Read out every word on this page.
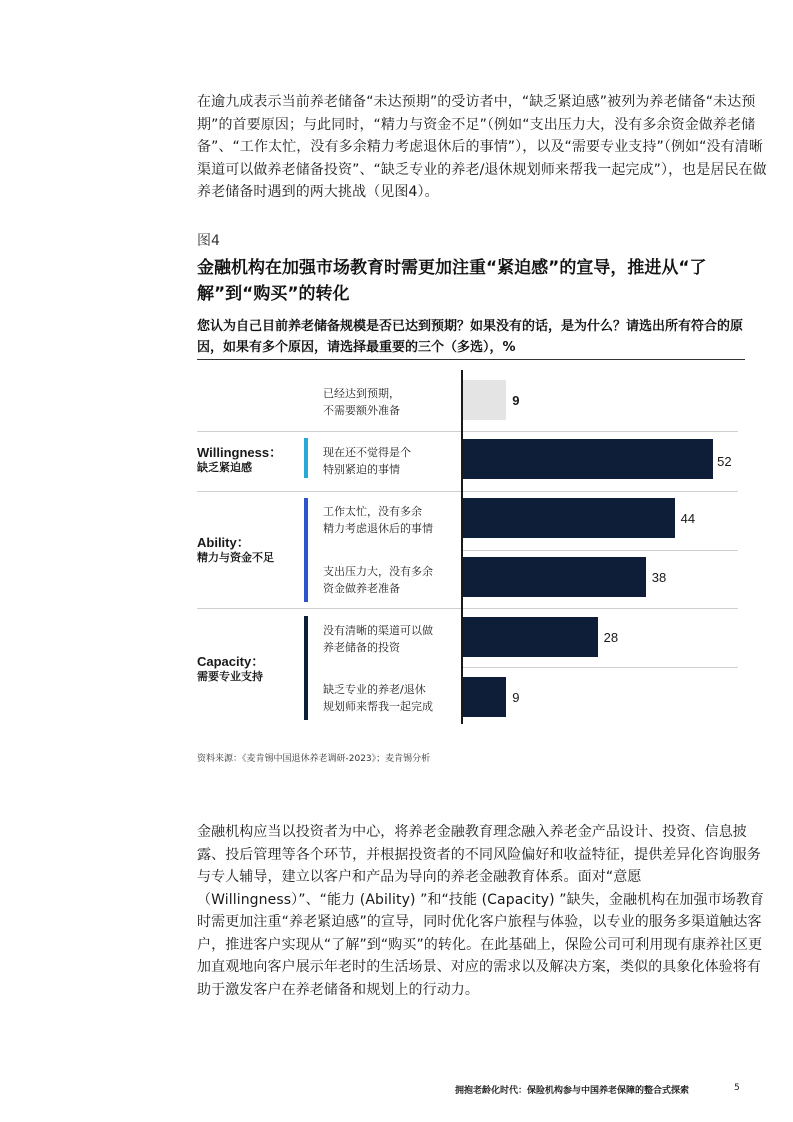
在逾九成表示当前养老储备“未达预期”的受访者中，“缺乏紧迫感”被列为养老储备“未达预期”的首要原因；与此同时，“精力与资金不足”（例如“支出压力大，没有多余资金做养老储备”、“工作太忙，没有多余精力考虑退休后的事情”），以及“需要专业支持”（例如“没有清晰渠道可以做养老储备投资”、“缺乏专业的养老/退休规划师来帮我一起完成”），也是居民在做养老储备时遇到的两大挑战（见图4）。

图4

金融机构在加强市场教育时需更加注重“紧迫感”的宣导，推进从“了解”到“购买”的转化

您认为自己目前养老储备规模是否已达到预期？如果没有的话，是为什么？请选出所有符合的原因，如果有多个原因，请选择最重要的三个（多选），%

Willingness：
缺乏紧迫感
Ability：
精力与资金不足
Capacity：
需要专业支持
已经达到预期，
不需要额外准备
现在还不觉得是个
特别紧迫的事情
工作太忙，没有多余
精力考虑退休后的事情
支出压力大，没有多余
资金做养老准备
没有清晰的渠道可以做
养老储备的投资
缺乏专业的养老/退休
规划师来帮我一起完成
9
52
44
38
28
9

资料来源：《麦肯锡中国退休养老调研-2023》；麦肯锡分析

金融机构应当以投资者为中心，将养老金融教育理念融入养老金产品设计、投资、信息披露、投后管理等各个环节，并根据投资者的不同风险偏好和收益特征，提供差异化咨询服务与专人辅导，建立以客户和产品为导向的养老金融教育体系。面对“意愿（Willingness）”、“能力 (Ability) ”和“技能 (Capacity) ”缺失，金融机构在加强市场教育时需更加注重“养老紧迫感”的宣导，同时优化客户旅程与体验，以专业的服务多渠道触达客户，推进客户实现从“了解”到“购买”的转化。在此基础上，保险公司可利用现有康养社区更加直观地向客户展示年老时的生活场景、对应的需求以及解决方案，类似的具象化体验将有助于激发客户在养老储备和规划上的行动力。

拥抱老龄化时代：保险机构参与中国养老保障的整合式探索	5
